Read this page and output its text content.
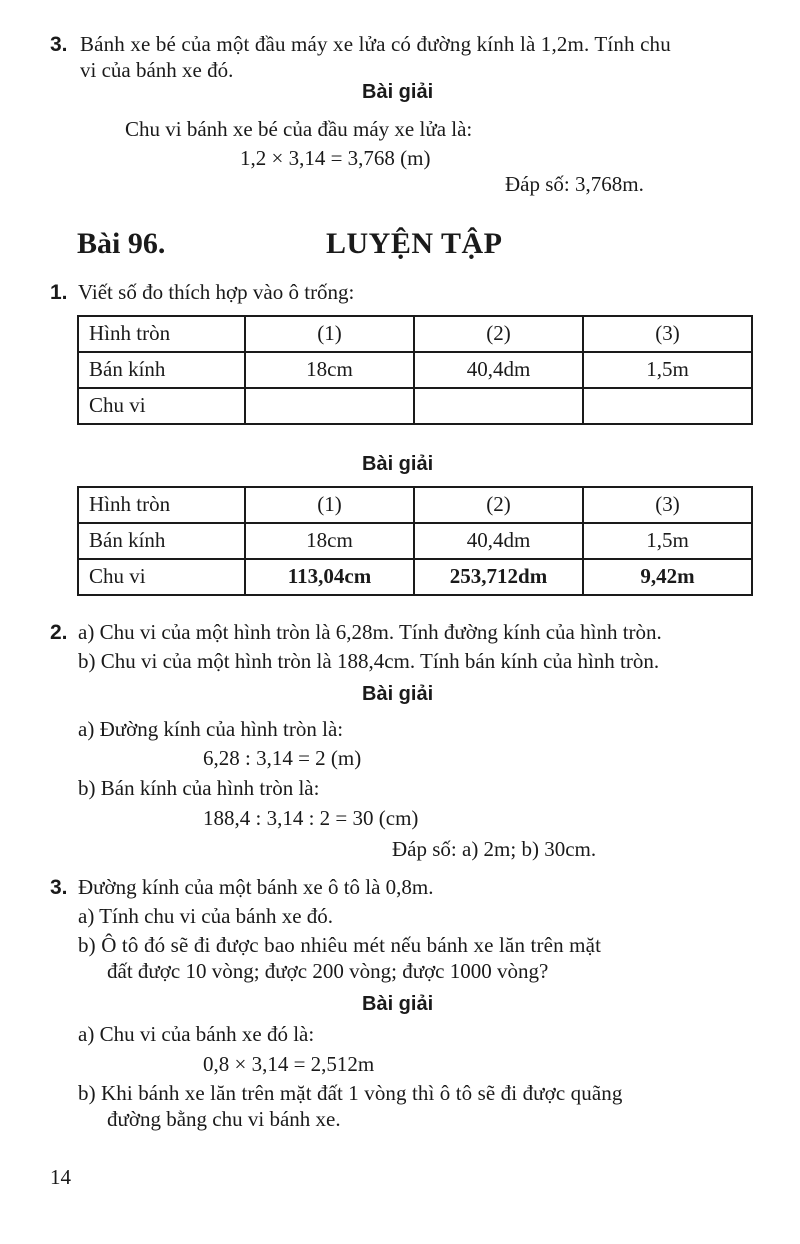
3. Bánh xe bé của một đầu máy xe lửa có đường kính là 1,2m. Tính chu
vi của bánh xe đó.
Bài giải
Chu vi bánh xe bé của đầu máy xe lửa là:
1,2 × 3,14 = 3,768 (m)
Đáp số: 3,768m.
Bài 96.	LUYỆN TẬP
1. Viết số đo thích hợp vào ô trống:
Hình tròn	(1)	(2)	(3)
Bán kính	18cm	40,4dm	1,5m
Chu vi			
Bài giải
Hình tròn	(1)	(2)	(3)
Bán kính	18cm	40,4dm	1,5m
Chu vi	113,04cm	253,712dm	9,42m
2. a) Chu vi của một hình tròn là 6,28m. Tính đường kính của hình tròn.
b) Chu vi của một hình tròn là 188,4cm. Tính bán kính của hình tròn.
Bài giải
a) Đường kính của hình tròn là:
6,28 : 3,14 = 2 (m)
b) Bán kính của hình tròn là:
188,4 : 3,14 : 2 = 30 (cm)
Đáp số: a) 2m; b) 30cm.
3. Đường kính của một bánh xe ô tô là 0,8m.
a) Tính chu vi của bánh xe đó.
b) Ô tô đó sẽ đi được bao nhiêu mét nếu bánh xe lăn trên mặt
đất được 10 vòng; được 200 vòng; được 1000 vòng?
Bài giải
a) Chu vi của bánh xe đó là:
0,8 × 3,14 = 2,512m
b) Khi bánh xe lăn trên mặt đất 1 vòng thì ô tô sẽ đi được quãng
đường bằng chu vi bánh xe.
14
